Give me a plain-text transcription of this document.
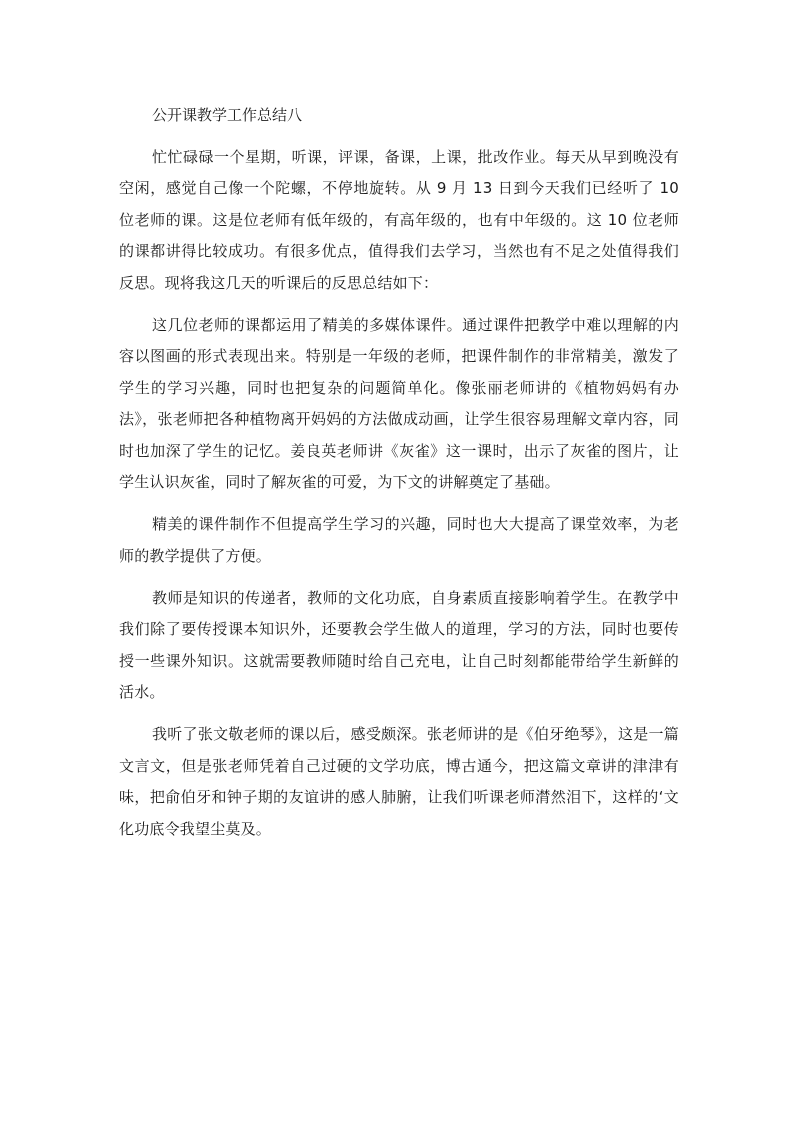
公开课教学工作总结八

忙忙碌碌一个星期，听课，评课，备课，上课，批改作业。每天从早到晚没有空闲，感觉自己像一个陀螺，不停地旋转。从 9 月 13 日到今天我们已经听了 10 位老师的课。这是位老师有低年级的，有高年级的，也有中年级的。这 10 位老师的课都讲得比较成功。有很多优点，值得我们去学习，当然也有不足之处值得我们反思。现将我这几天的听课后的反思总结如下：

这几位老师的课都运用了精美的多媒体课件。通过课件把教学中难以理解的内容以图画的形式表现出来。特别是一年级的老师，把课件制作的非常精美，激发了学生的学习兴趣，同时也把复杂的问题简单化。像张丽老师讲的《植物妈妈有办法》，张老师把各种植物离开妈妈的方法做成动画，让学生很容易理解文章内容，同时也加深了学生的记忆。姜良英老师讲《灰雀》这一课时，出示了灰雀的图片，让学生认识灰雀，同时了解灰雀的可爱，为下文的讲解奠定了基础。

精美的课件制作不但提高学生学习的兴趣，同时也大大提高了课堂效率，为老师的教学提供了方便。

教师是知识的传递者，教师的文化功底，自身素质直接影响着学生。在教学中我们除了要传授课本知识外，还要教会学生做人的道理，学习的方法，同时也要传授一些课外知识。这就需要教师随时给自己充电，让自己时刻都能带给学生新鲜的活水。

我听了张文敬老师的课以后，感受颇深。张老师讲的是《伯牙绝琴》，这是一篇文言文，但是张老师凭着自己过硬的文学功底，博古通今，把这篇文章讲的津津有味，把俞伯牙和钟子期的友谊讲的感人肺腑，让我们听课老师潸然泪下，这样的‘文化功底令我望尘莫及。
